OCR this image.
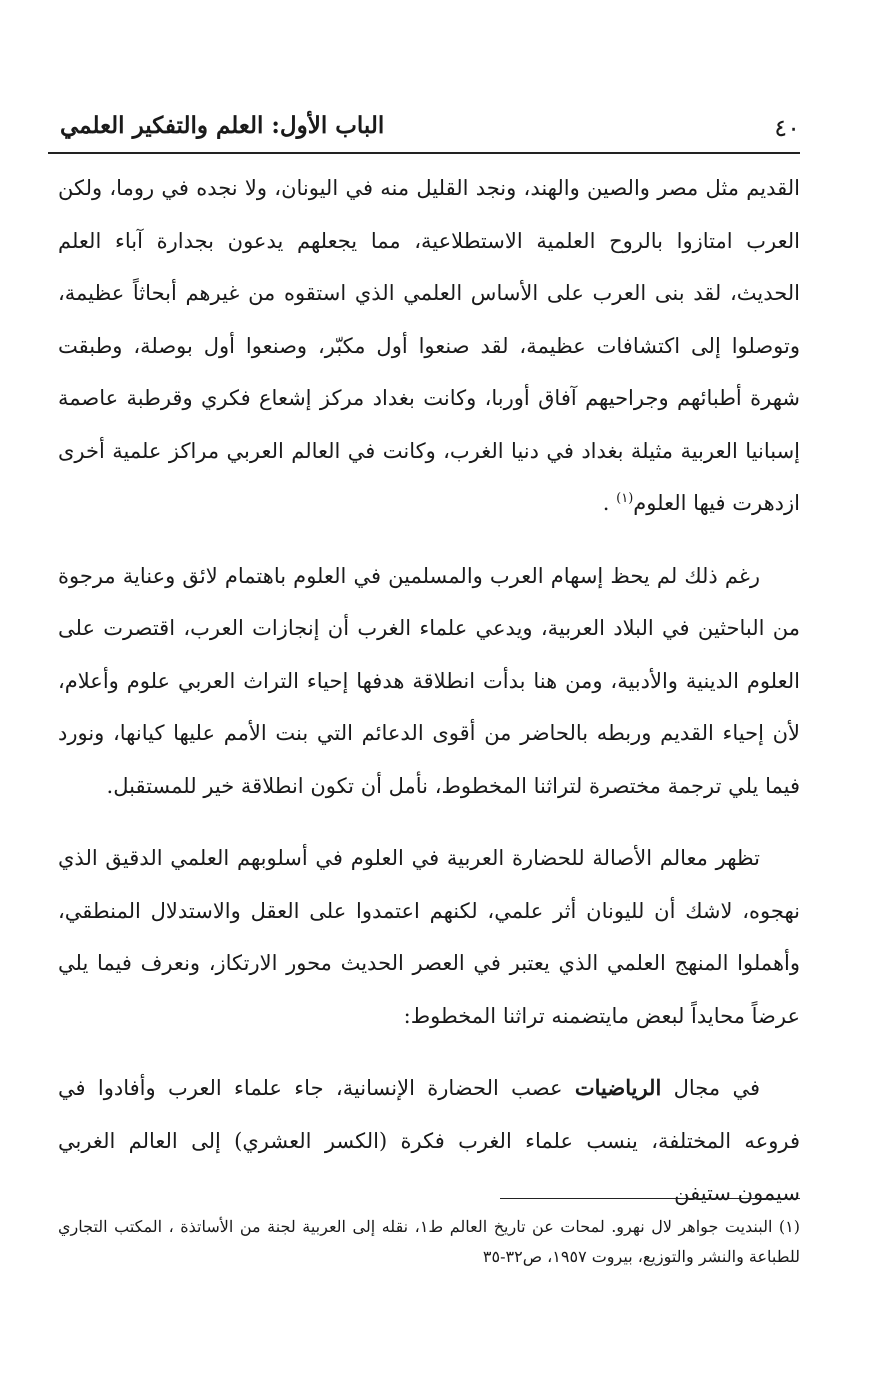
٤٠
الباب الأول: العلم والتفكير العلمي

القديم مثل مصر والصين والهند، ونجد القليل منه في اليونان، ولا نجده في روما، ولكن العرب امتازوا بالروح العلمية الاستطلاعية، مما يجعلهم يدعون بجدارة آباء العلم الحديث، لقد بنى العرب على الأساس العلمي الذي استقوه من غيرهم أبحاثاً عظيمة، وتوصلوا إلى اكتشافات عظيمة، لقد صنعوا أول مكبّر، وصنعوا أول بوصلة، وطبقت شهرة أطبائهم وجراحيهم آفاق أوربا، وكانت بغداد مركز إشعاع فكري وقرطبة عاصمة إسبانيا العربية مثيلة بغداد في دنيا الغرب، وكانت في العالم العربي مراكز علمية أخرى ازدهرت فيها العلوم$^{(١)}$ .

رغم ذلك لم يحظ إسهام العرب والمسلمين في العلوم باهتمام لائق وعناية مرجوة من الباحثين في البلاد العربية، ويدعي علماء الغرب أن إنجازات العرب، اقتصرت على العلوم الدينية والأدبية، ومن هنا بدأت انطلاقة هدفها إحياء التراث العربي علوم وأعلام، لأن إحياء القديم وربطه بالحاضر من أقوى الدعائم التي بنت الأمم عليها كيانها، ونورد فيما يلي ترجمة مختصرة لتراثنا المخطوط، نأمل أن تكون انطلاقة خير للمستقبل.

تظهر معالم الأصالة للحضارة العربية في العلوم في أسلوبهم العلمي الدقيق الذي نهجوه، لاشك أن لليونان أثر علمي، لكنهم اعتمدوا على العقل والاستدلال المنطقي، وأهملوا المنهج العلمي الذي يعتبر في العصر الحديث محور الارتكاز، ونعرف فيما يلي عرضاً محايداً لبعض مايتضمنه تراثنا المخطوط:

في مجال الرياضيات عصب الحضارة الإنسانية، جاء علماء العرب وأفادوا في فروعه المختلفة، ينسب علماء الغرب فكرة (الكسر العشري) إلى العالم الغربي سيمون ستيفن

(١) البنديت جواهر لال نهرو. لمحات عن تاريخ العالم ط١، نقله إلى العربية لجنة من الأساتذة ، المكتب التجاري للطباعة والنشر والتوزيع، بيروت ١٩٥٧، ص٣٢-٣٥
